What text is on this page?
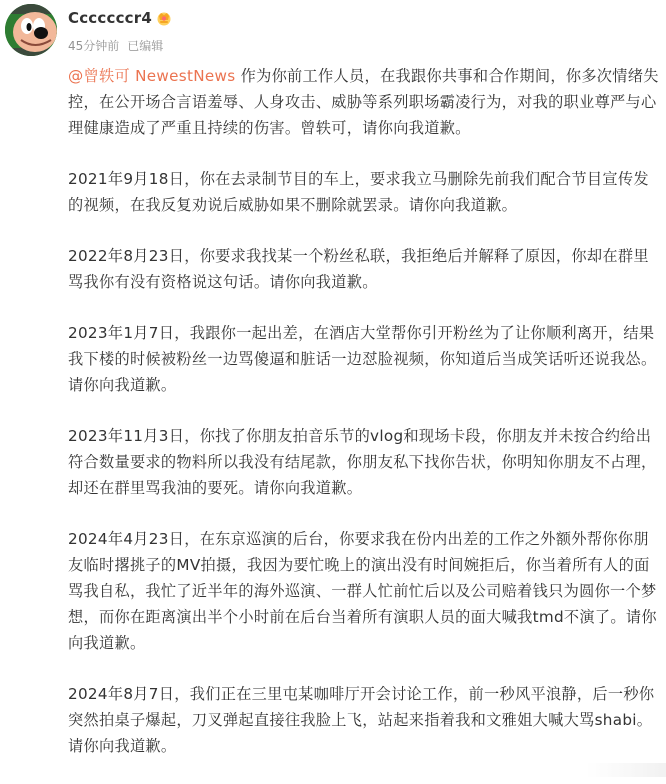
Cccccccr4
45分钟前 已编辑

@曾轶可 NewestNews 作为你前工作人员，在我跟你共事和合作期间，你多次情绪失控，在公开场合言语羞辱、人身攻击、威胁等系列职场霸凌行为，对我的职业尊严与心理健康造成了严重且持续的伤害。曾轶可，请你向我道歉。

2021年9月18日，你在去录制节目的车上，要求我立马删除先前我们配合节目宣传发的视频，在我反复劝说后威胁如果不删除就罢录。请你向我道歉。

2022年8月23日，你要求我找某一个粉丝私联，我拒绝后并解释了原因，你却在群里骂我你有没有资格说这句话。请你向我道歉。

2023年1月7日，我跟你一起出差，在酒店大堂帮你引开粉丝为了让你顺利离开，结果我下楼的时候被粉丝一边骂傻逼和脏话一边怼脸视频，你知道后当成笑话听还说我怂。请你向我道歉。

2023年11月3日，你找了你朋友拍音乐节的vlog和现场卡段，你朋友并未按合约给出符合数量要求的物料所以我没有结尾款，你朋友私下找你告状，你明知你朋友不占理，却还在群里骂我油的要死。请你向我道歉。

2024年4月23日，在东京巡演的后台，你要求我在份内出差的工作之外额外帮你你朋友临时撂挑子的MV拍摄，我因为要忙晚上的演出没有时间婉拒后，你当着所有人的面骂我自私，我忙了近半年的海外巡演、一群人忙前忙后以及公司赔着钱只为圆你一个梦想，而你在距离演出半个小时前在后台当着所有演职人员的面大喊我tmd不演了。请你向我道歉。

2024年8月7日，我们正在三里屯某咖啡厅开会讨论工作，前一秒风平浪静，后一秒你突然拍桌子爆起，刀叉弹起直接往我脸上飞，站起来指着我和文雅姐大喊大骂shabi。请你向我道歉。
